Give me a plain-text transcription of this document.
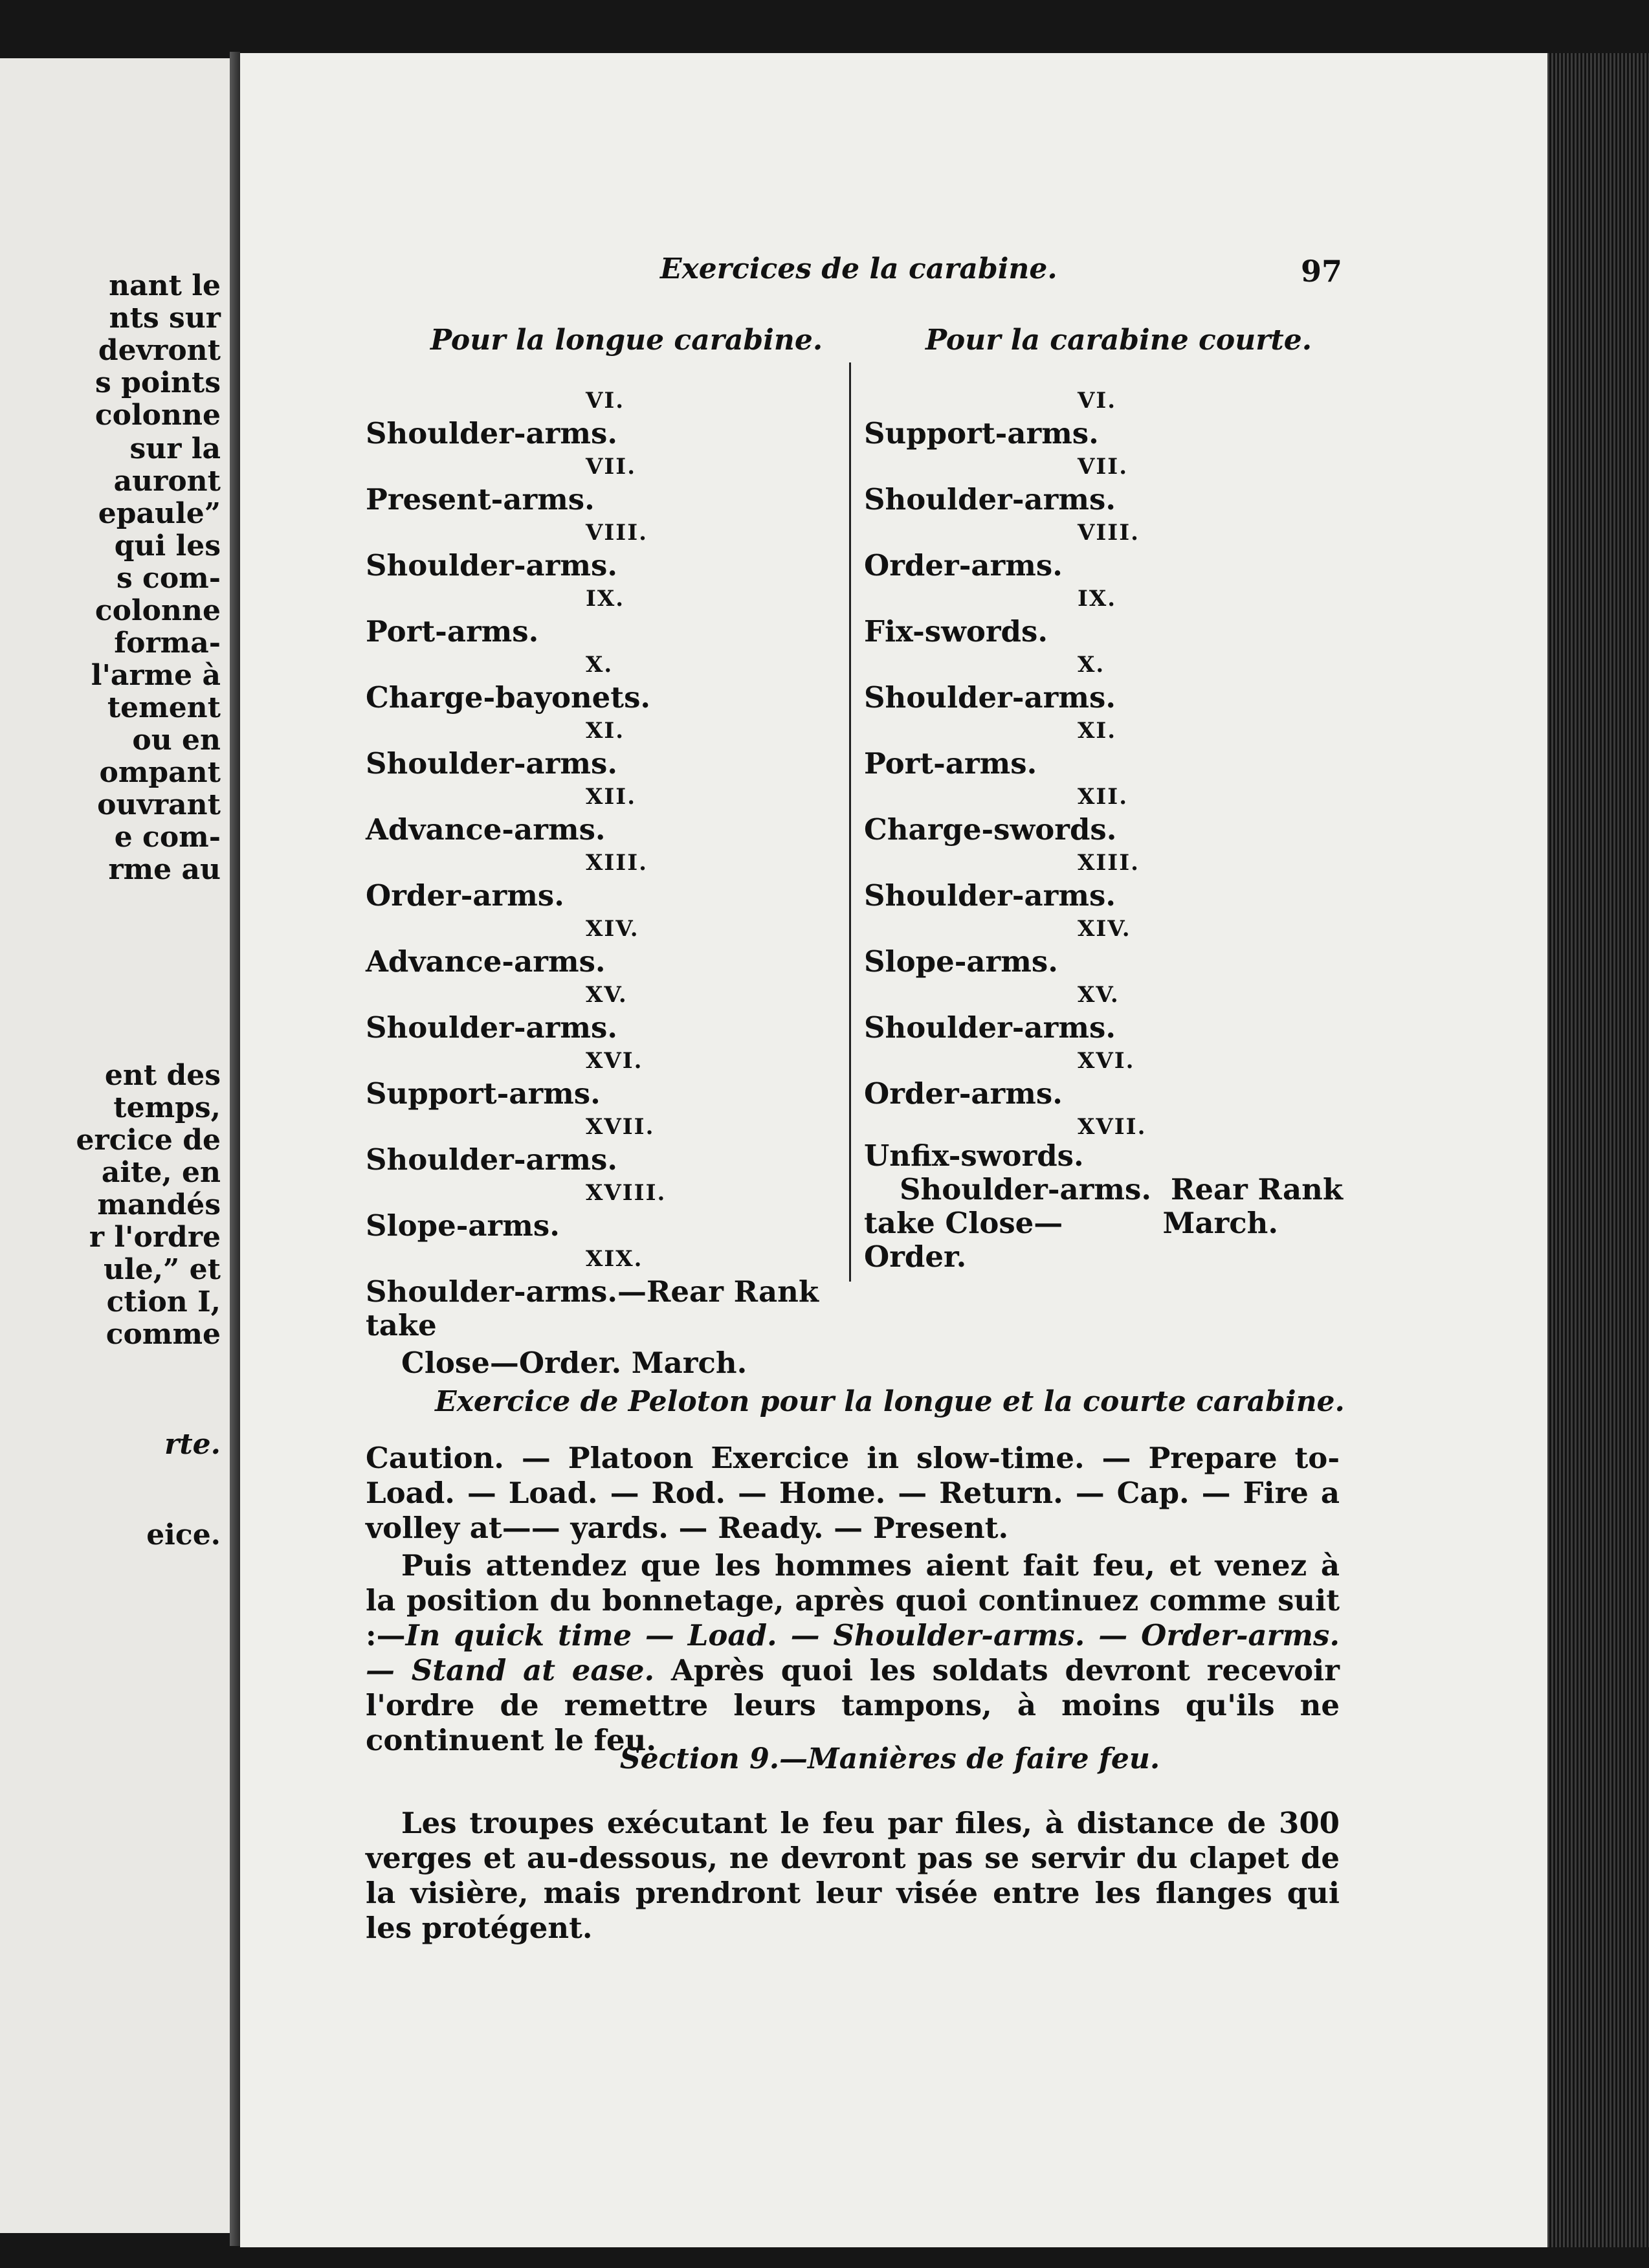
nant le
nts sur
devront
s points
colonne
sur la
auront
epaule”
qui les
s com-
colonne
forma-
l'arme à
tement
ou en
ompant
ouvrant
e com-
rme au
ent des
temps,
ercice de
aite, en
mandés
r l'ordre
ule,” et
ction I,
comme
rte.
eice.
Exercices de la carabine.	97
Pour la longue carabine.	Pour la carabine courte.
VI.
Shoulder-arms.
VII.
Present-arms.
VIII.
Shoulder-arms.
IX.
Port-arms.
X.
Charge-bayonets.
XI.
Shoulder-arms.
XII.
Advance-arms.
XIII.
Order-arms.
XIV.
Advance-arms.
XV.
Shoulder-arms.
XVI.
Support-arms.
XVII.
Shoulder-arms.
XVIII.
Slope-arms.
XIX.
Shoulder-arms.—Rear Rank take
Close—Order. March.
VI.
Support-arms.
VII.
Shoulder-arms.
VIII.
Order-arms.
IX.
Fix-swords.
X.
Shoulder-arms.
XI.
Port-arms.
XII.
Charge-swords.
XIII.
Shoulder-arms.
XIV.
Slope-arms.
XV.
Shoulder-arms.
XVI.
Order-arms.
XVII.
Unfix-swords.
Shoulder-arms. Rear Rank
take Close—Order.
March.
Exercice de Peloton pour la longue et la courte carabine.

Caution. — Platoon Exercice in slow-time. — Prepare to-Load. — Load. — Rod. — Home. — Return. — Cap. — Fire a volley at—— yards. — Ready. — Present.

Puis attendez que les hommes aient fait feu, et venez à la position du bonnetage, après quoi continuez comme suit :—In quick time — Load. — Shoulder-arms. — Order-arms. — Stand at ease. Après quoi les soldats devront recevoir l'ordre de remettre leurs tampons, à moins qu'ils ne continuent le feu.

Section 9.—Manières de faire feu.

Les troupes exécutant le feu par files, à distance de 300 verges et au-dessous, ne devront pas se servir du clapet de la visière, mais prendront leur visée entre les flanges qui les protégent.
